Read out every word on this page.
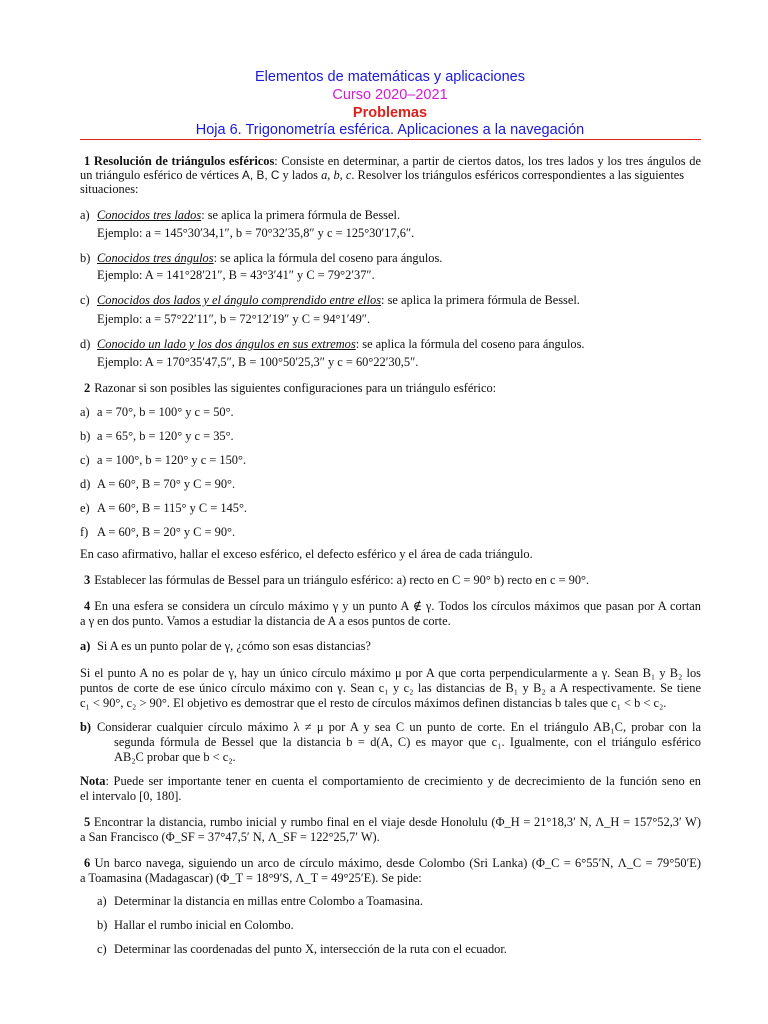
Elementos de matemáticas y aplicaciones
Curso 2020–2021
Problemas
Hoja 6. Trigonometría esférica. Aplicaciones a la navegación
1 Resolución de triángulos esféricos: Consiste en determinar, a partir de ciertos datos, los tres lados y los tres ángulos de
un triángulo esférico de vértices A, B, C y lados a, b, c. Resolver los triángulos esféricos correspondientes a las siguientes
situaciones:
a) Conocidos tres lados: se aplica la primera fórmula de Bessel.
Ejemplo: a = 145°30′34,1″, b = 70°32′35,8″ y c = 125°30′17,6″.
b) Conocidos tres ángulos: se aplica la fórmula del coseno para ángulos.
Ejemplo: A = 141°28′21″, B = 43°3′41″ y C = 79°2′37″.
c) Conocidos dos lados y el ángulo comprendido entre ellos: se aplica la primera fórmula de Bessel.
Ejemplo: a = 57°22′11″, b = 72°12′19″ y C = 94°1′49″.
d) Conocido un lado y los dos ángulos en sus extremos: se aplica la fórmula del coseno para ángulos.
Ejemplo: A = 170°35′47,5″, B = 100°50′25,3″ y c = 60°22′30,5″.
2 Razonar si son posibles las siguientes configuraciones para un triángulo esférico:
a) a = 70°, b = 100° y c = 50°.
b) a = 65°, b = 120° y c = 35°.
c) a = 100°, b = 120° y c = 150°.
d) A = 60°, B = 70° y C = 90°.
e) A = 60°, B = 115° y C = 145°.
f) A = 60°, B = 20° y C = 90°.
En caso afirmativo, hallar el exceso esférico, el defecto esférico y el área de cada triángulo.
3 Establecer las fórmulas de Bessel para un triángulo esférico: a) recto en C = 90° b) recto en c = 90°.
4 En una esfera se considera un círculo máximo γ y un punto A ∉ γ. Todos los círculos máximos que pasan por A cortan
a γ en dos punto. Vamos a estudiar la distancia de A a esos puntos de corte.
a) Si A es un punto polar de γ, ¿cómo son esas distancias?
Si el punto A no es polar de γ, hay un único círculo máximo μ por A que corta perpendicularmente a γ. Sean B₁ y B₂ los
puntos de corte de ese único círculo máximo con γ. Sean c₁ y c₂ las distancias de B₁ y B₂ a A respectivamente. Se tiene
c₁ < 90°, c₂ > 90°. El objetivo es demostrar que el resto de círculos máximos definen distancias b tales que c₁ < b < c₂.
b) Considerar cualquier círculo máximo λ ≠ μ por A y sea C un punto de corte. En el triángulo AB₁C, probar con la
segunda fórmula de Bessel que la distancia b = d(A, C) es mayor que c₁. Igualmente, con el triángulo esférico
AB₂C probar que b < c₂.
Nota: Puede ser importante tener en cuenta el comportamiento de crecimiento y de decrecimiento de la función seno en
el intervalo [0, 180].
5 Encontrar la distancia, rumbo inicial y rumbo final en el viaje desde Honolulu (Φ_H = 21°18,3′ N, Λ_H = 157°52,3′ W)
a San Francisco (Φ_SF = 37°47,5′ N, Λ_SF = 122°25,7′ W).
6 Un barco navega, siguiendo un arco de círculo máximo, desde Colombo (Sri Lanka) (Φ_C = 6°55′N, Λ_C = 79°50′E)
a Toamasina (Madagascar) (Φ_T = 18°9′S, Λ_T = 49°25′E). Se pide:
a) Determinar la distancia en millas entre Colombo a Toamasina.
b) Hallar el rumbo inicial en Colombo.
c) Determinar las coordenadas del punto X, intersección de la ruta con el ecuador.
